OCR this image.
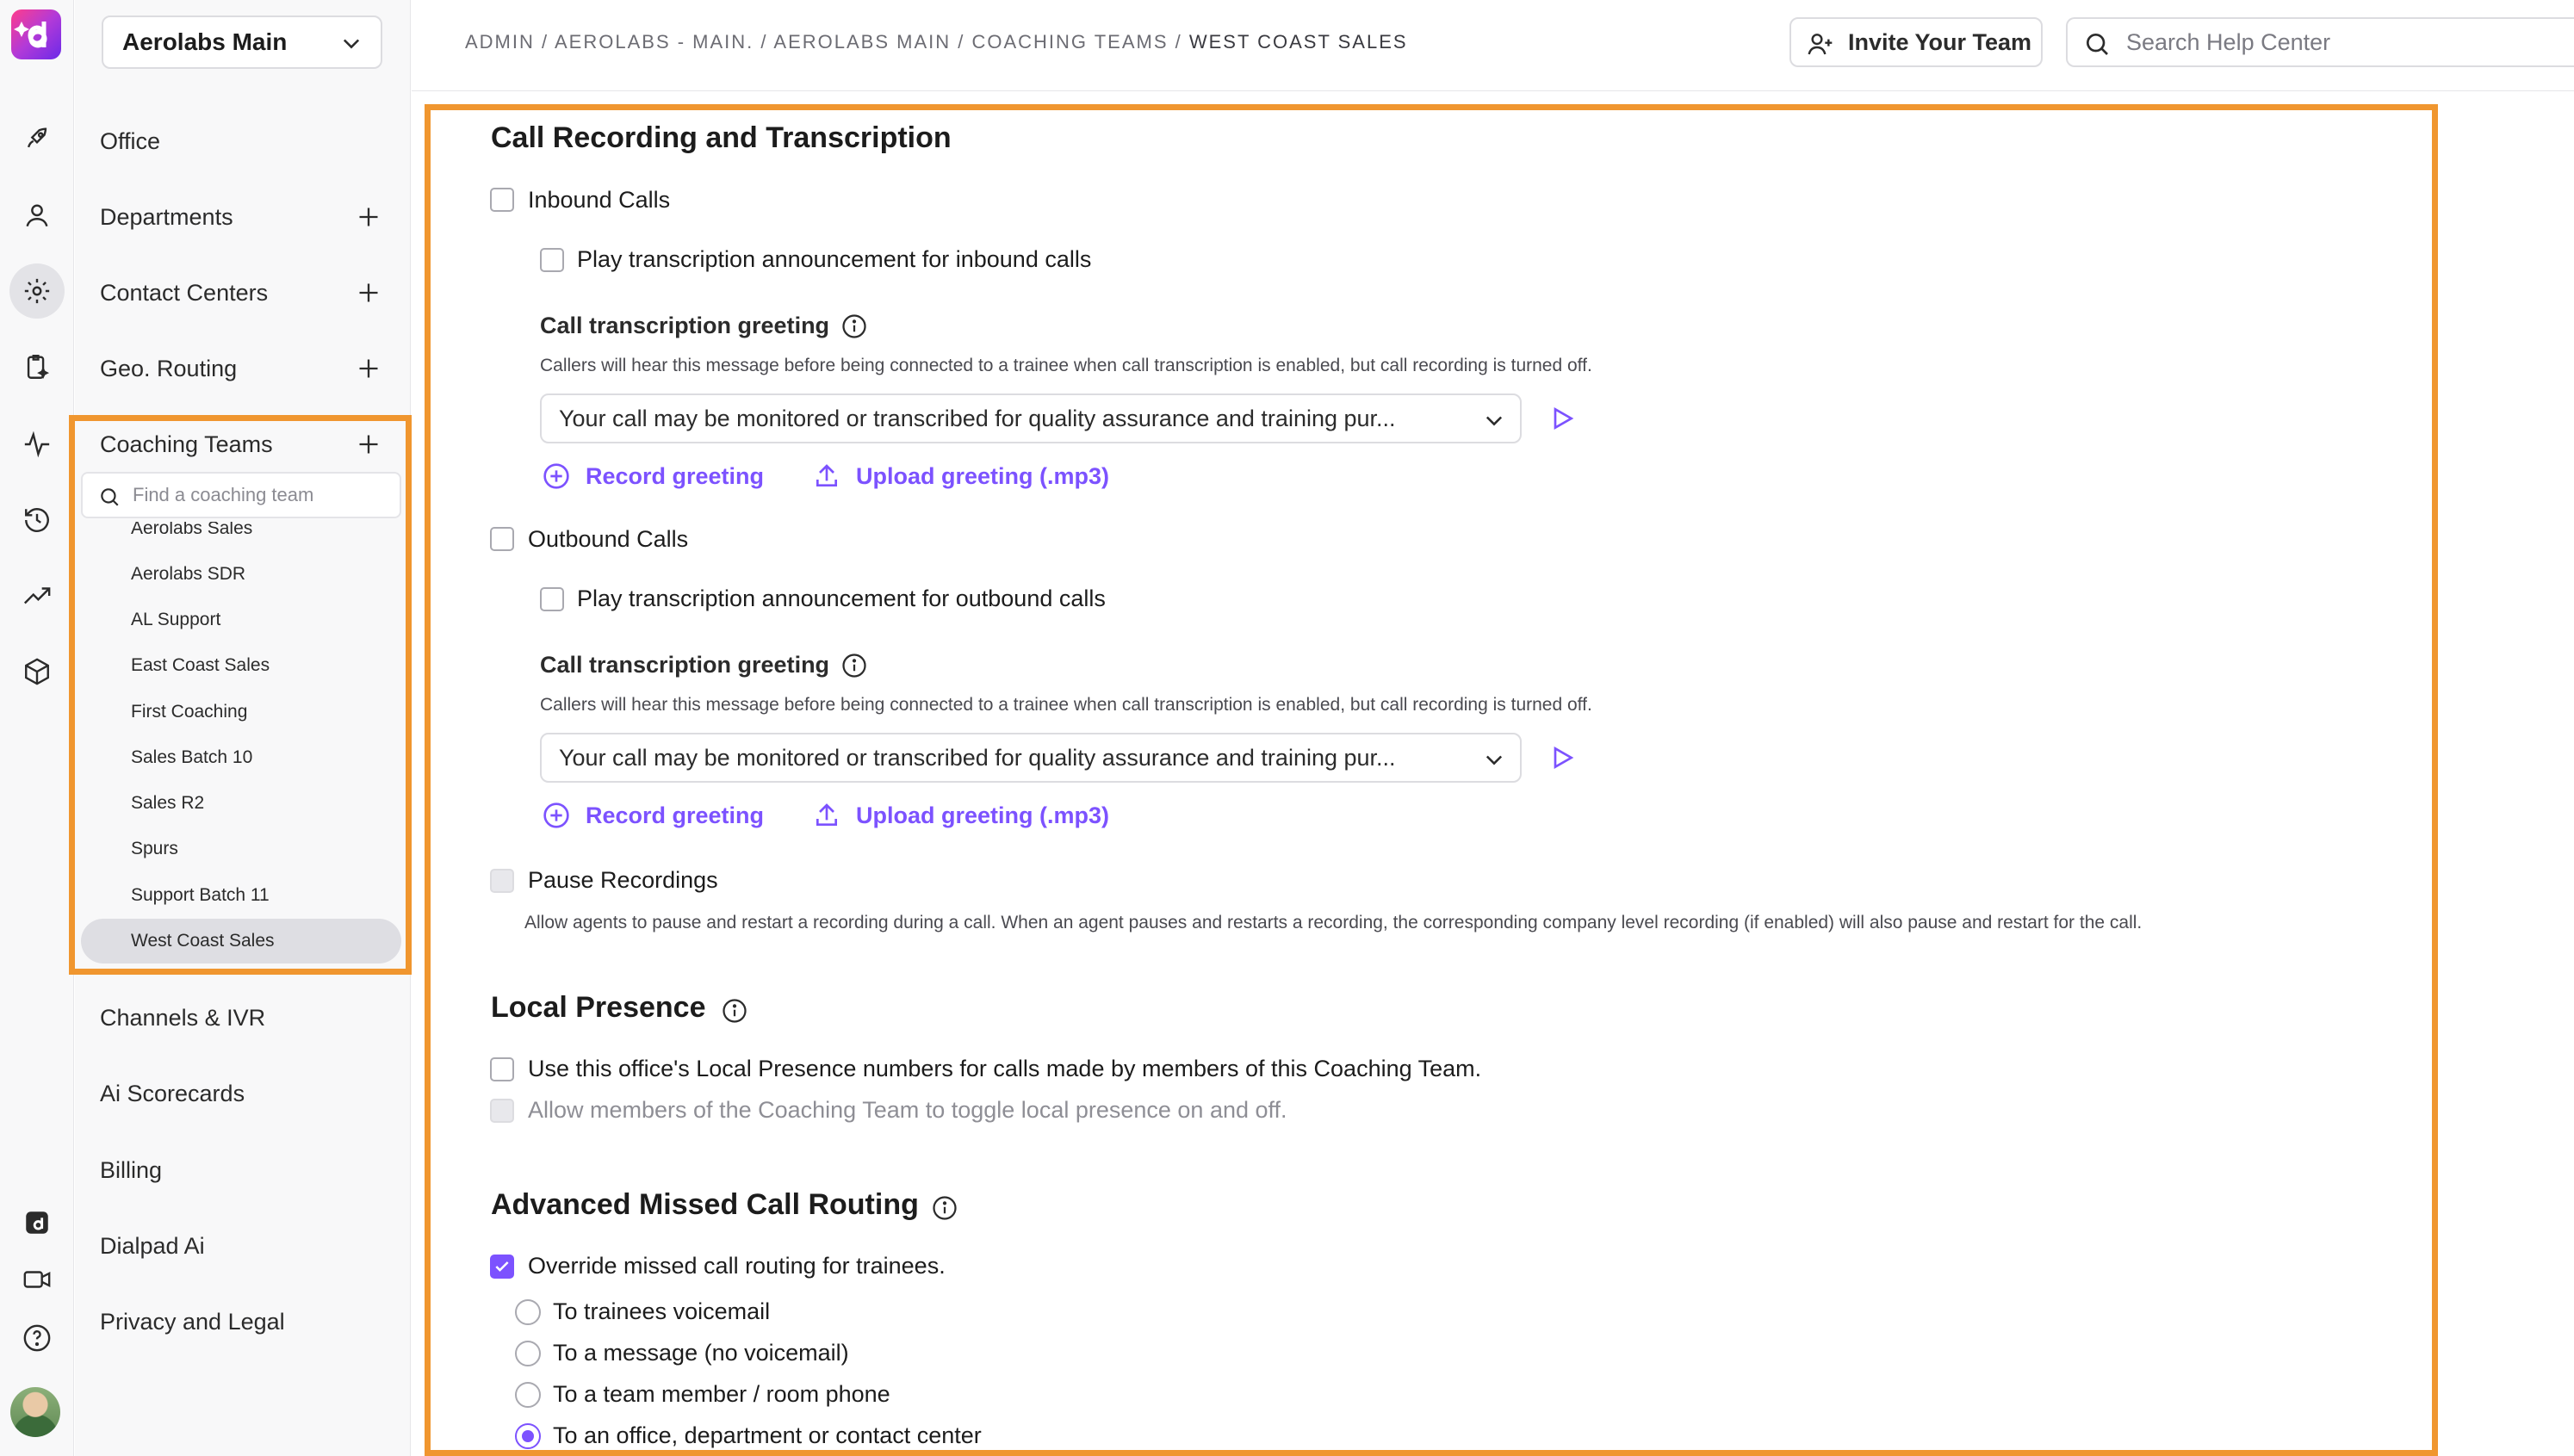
Aerolabs Main
Office
Departments
Contact Centers
Geo. Routing
Coaching Teams
Channels & IVR
Ai Scorecards
Billing
Dialpad Ai
Privacy and Legal
Find a coaching team
Aerolabs Sales
Aerolabs SDR
AL Support
East Coast Sales
First Coaching
Sales Batch 10
Sales R2
Spurs
Support Batch 11
West Coast Sales
ADMIN / AEROLABS - MAIN. / AEROLABS MAIN / COACHING TEAMS / WEST COAST SALES	Invite Your Team	Search Help Center
Call Recording and Transcription
Inbound Calls
Play transcription announcement for inbound calls
Call transcription greeting
Callers will hear this message before being connected to a trainee when call transcription is enabled, but call recording is turned off.
Your call may be monitored or transcribed for quality assurance and training pur...
Record greeting	Upload greeting (.mp3)
Outbound Calls
Play transcription announcement for outbound calls
Call transcription greeting
Callers will hear this message before being connected to a trainee when call transcription is enabled, but call recording is turned off.
Your call may be monitored or transcribed for quality assurance and training pur...
Record greeting	Upload greeting (.mp3)
Pause Recordings
Allow agents to pause and restart a recording during a call. When an agent pauses and restarts a recording, the corresponding company level recording (if enabled) will also pause and restart for the call.
Local Presence
Use this office's Local Presence numbers for calls made by members of this Coaching Team.
Allow members of the Coaching Team to toggle local presence on and off.
Advanced Missed Call Routing
Override missed call routing for trainees.
To trainees voicemail
To a message (no voicemail)
To a team member / room phone
To an office, department or contact center
